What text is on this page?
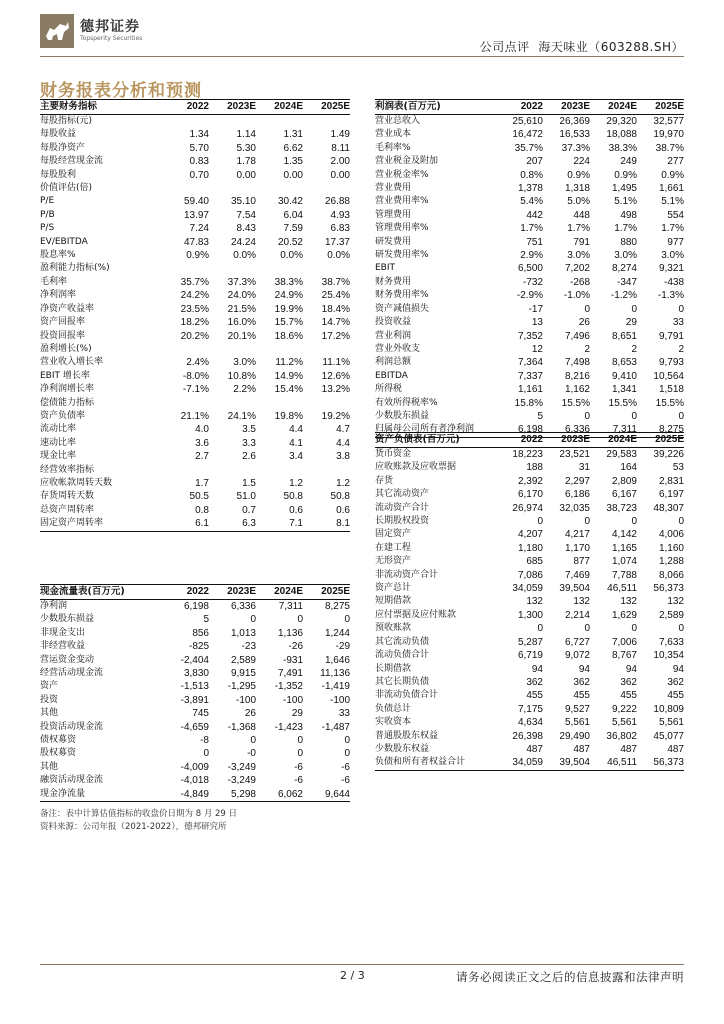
德邦证券
Topsperity Securities
公司点评 海天味业（603288.SH）
财务报表分析和预测
主要财务指标	2022	2023E	2024E	2025E
每股指标(元)				
每股收益	1.34	1.14	1.31	1.49
每股净资产	5.70	5.30	6.62	8.11
每股经营现金流	0.83	1.78	1.35	2.00
每股股利	0.70	0.00	0.00	0.00
价值评估(倍)				
P/E	59.40	35.10	30.42	26.88
P/B	13.97	7.54	6.04	4.93
P/S	7.24	8.43	7.59	6.83
EV/EBITDA	47.83	24.24	20.52	17.37
股息率%	0.9%	0.0%	0.0%	0.0%
盈利能力指标(%)				
毛利率	35.7%	37.3%	38.3%	38.7%
净利润率	24.2%	24.0%	24.9%	25.4%
净资产收益率	23.5%	21.5%	19.9%	18.4%
资产回报率	18.2%	16.0%	15.7%	14.7%
投资回报率	20.2%	20.1%	18.6%	17.2%
盈利增长(%)				
营业收入增长率	2.4%	3.0%	11.2%	11.1%
EBIT 增长率	-8.0%	10.8%	14.9%	12.6%
净利润增长率	-7.1%	2.2%	15.4%	13.2%
偿债能力指标				
资产负债率	21.1%	24.1%	19.8%	19.2%
流动比率	4.0	3.5	4.4	4.7
速动比率	3.6	3.3	4.1	4.4
现金比率	2.7	2.6	3.4	3.8
经营效率指标				
应收帐款周转天数	1.7	1.5	1.2	1.2
存货周转天数	50.5	51.0	50.8	50.8
总资产周转率	0.8	0.7	0.6	0.6
固定资产周转率	6.1	6.3	7.1	8.1
利润表(百万元)	2022	2023E	2024E	2025E
营业总收入	25,610	26,369	29,320	32,577
营业成本	16,472	16,533	18,088	19,970
毛利率%	35.7%	37.3%	38.3%	38.7%
营业税金及附加	207	224	249	277
营业税金率%	0.8%	0.9%	0.9%	0.9%
营业费用	1,378	1,318	1,495	1,661
营业费用率%	5.4%	5.0%	5.1%	5.1%
管理费用	442	448	498	554
管理费用率%	1.7%	1.7%	1.7%	1.7%
研发费用	751	791	880	977
研发费用率%	2.9%	3.0%	3.0%	3.0%
EBIT	6,500	7,202	8,274	9,321
财务费用	-732	-268	-347	-438
财务费用率%	-2.9%	-1.0%	-1.2%	-1.3%
资产减值损失	-17	0	0	0
投资收益	13	26	29	33
营业利润	7,352	7,496	8,651	9,791
营业外收支	12	2	2	2
利润总额	7,364	7,498	8,653	9,793
EBITDA	7,337	8,216	9,410	10,564
所得税	1,161	1,162	1,341	1,518
有效所得税率%	15.8%	15.5%	15.5%	15.5%
少数股东损益	5	0	0	0
归属母公司所有者净利润	6,198	6,336	7,311	8,275
资产负债表(百万元)	2022	2023E	2024E	2025E
货币资金	18,223	23,521	29,583	39,226
应收账款及应收票据	188	31	164	53
存货	2,392	2,297	2,809	2,831
其它流动资产	6,170	6,186	6,167	6,197
流动资产合计	26,974	32,035	38,723	48,307
长期股权投资	0	0	0	0
固定资产	4,207	4,217	4,142	4,006
在建工程	1,180	1,170	1,165	1,160
无形资产	685	877	1,074	1,288
非流动资产合计	7,086	7,469	7,788	8,066
资产总计	34,059	39,504	46,511	56,373
短期借款	132	132	132	132
应付票据及应付账款	1,300	2,214	1,629	2,589
预收账款	0	0	0	0
其它流动负债	5,287	6,727	7,006	7,633
流动负债合计	6,719	9,072	8,767	10,354
长期借款	94	94	94	94
其它长期负债	362	362	362	362
非流动负债合计	455	455	455	455
负债总计	7,175	9,527	9,222	10,809
实收资本	4,634	5,561	5,561	5,561
普通股股东权益	26,398	29,490	36,802	45,077
少数股东权益	487	487	487	487
负债和所有者权益合计	34,059	39,504	46,511	56,373
现金流量表(百万元)	2022	2023E	2024E	2025E
净利润	6,198	6,336	7,311	8,275
少数股东损益	5	0	0	0
非现金支出	856	1,013	1,136	1,244
非经营收益	-825	-23	-26	-29
营运资金变动	-2,404	2,589	-931	1,646
经营活动现金流	3,830	9,915	7,491	11,136
资产	-1,513	-1,295	-1,352	-1,419
投资	-3,891	-100	-100	-100
其他	745	26	29	33
投资活动现金流	-4,659	-1,368	-1,423	-1,487
债权募资	-8	0	0	0
股权募资	0	-0	0	0
其他	-4,009	-3,249	-6	-6
融资活动现金流	-4,018	-3,249	-6	-6
现金净流量	-4,849	5,298	6,062	9,644
备注：表中计算估值指标的收盘价日期为 8 月 29 日
资料来源：公司年报（2021-2022），德邦研究所
2 / 3	请务必阅读正文之后的信息披露和法律声明
